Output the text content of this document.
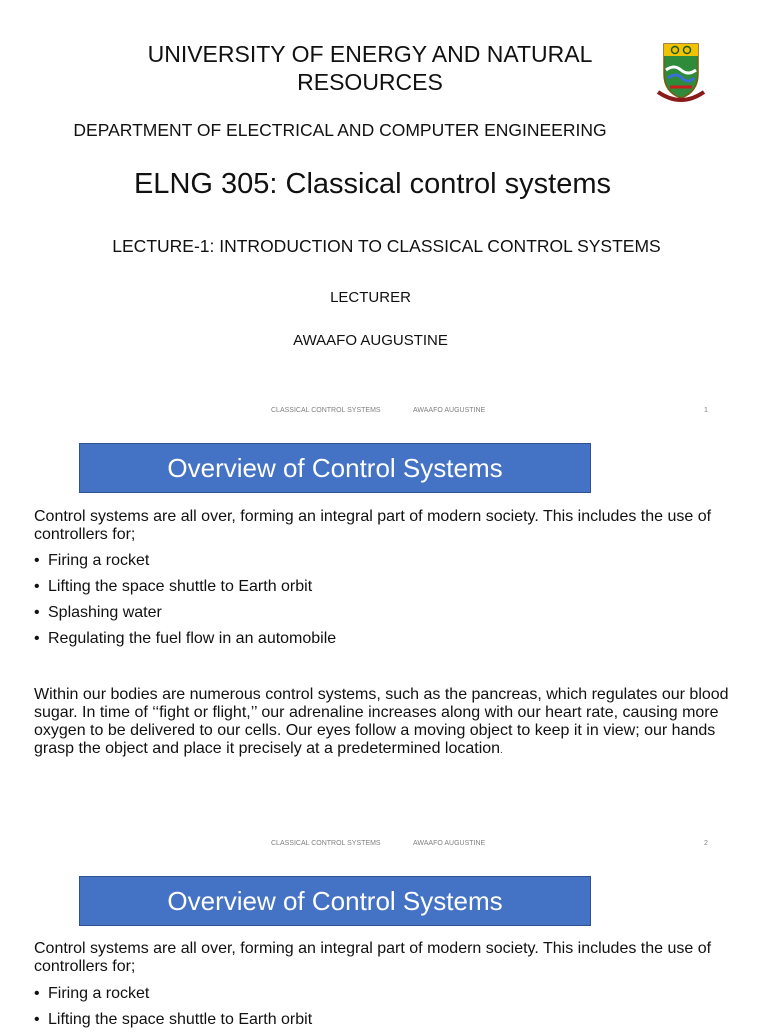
UNIVERSITY OF ENERGY AND NATURAL RESOURCES
DEPARTMENT OF ELECTRICAL AND COMPUTER ENGINEERING
ELNG 305: Classical control systems
LECTURE-1: INTRODUCTION TO CLASSICAL CONTROL SYSTEMS
LECTURER
AWAAFO AUGUSTINE
CLASSICAL CONTROL SYSTEMS	AWAAFO AUGUSTINE	1
Overview of Control Systems
Control systems are all over, forming an integral part of modern society. This includes the use of controllers for;
• Firing a rocket
• Lifting the space shuttle to Earth orbit
• Splashing water
• Regulating the fuel flow in an automobile
Within our bodies are numerous control systems, such as the pancreas, which regulates our blood sugar. In time of ‘‘fight or flight,’’ our adrenaline increases along with our heart rate, causing more oxygen to be delivered to our cells. Our eyes follow a moving object to keep it in view; our hands grasp the object and place it precisely at a predetermined location.
CLASSICAL CONTROL SYSTEMS	AWAAFO AUGUSTINE	2
Overview of Control Systems
Control systems are all over, forming an integral part of modern society. This includes the use of controllers for;
• Firing a rocket
• Lifting the space shuttle to Earth orbit
